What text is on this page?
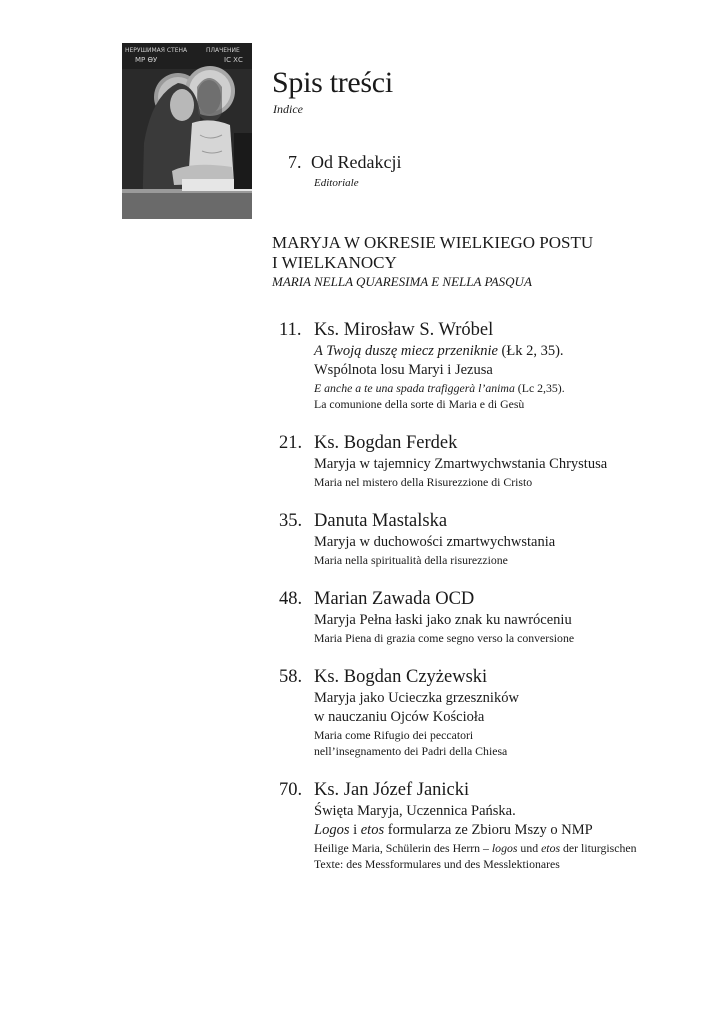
НЕРУШИМАЯ СТЕНА
МР ѲУ
ПЛАЧЕНИЕ
IС ХС
Spis treści
Indice
7. Od Redakcji
Editoriale
MARYJA W OKRESIE WIELKIEGO POSTU
I WIELKANOCY
MARIA NELLA QUARESIMA E NELLA PASQUA
11. Ks. Mirosław S. Wróbel
A Twoją duszę miecz przeniknie (Łk 2, 35).
Wspólnota losu Maryi i Jezusa
E anche a te una spada trafiggerà l’anima (Lc 2,35).
La comunione della sorte di Maria e di Gesù
21. Ks. Bogdan Ferdek
Maryja w tajemnicy Zmartwychwstania Chrystusa
Maria nel mistero della Risurezzione di Cristo
35. Danuta Mastalska
Maryja w duchowości zmartwychwstania
Maria nella spiritualità della risurezzione
48. Marian Zawada OCD
Maryja Pełna łaski jako znak ku nawróceniu
Maria Piena di grazia come segno verso la conversione
58. Ks. Bogdan Czyżewski
Maryja jako Ucieczka grzeszników
w nauczaniu Ojców Kościoła
Maria come Rifugio dei peccatori
nell’insegnamento dei Padri della Chiesa
70. Ks. Jan Józef Janicki
Święta Maryja, Uczennica Pańska.
Logos i etos formularza ze Zbioru Mszy o NMP
Heilige Maria, Schülerin des Herrn – logos und etos der liturgischen
Texte: des Messformulares und des Messlektionares
